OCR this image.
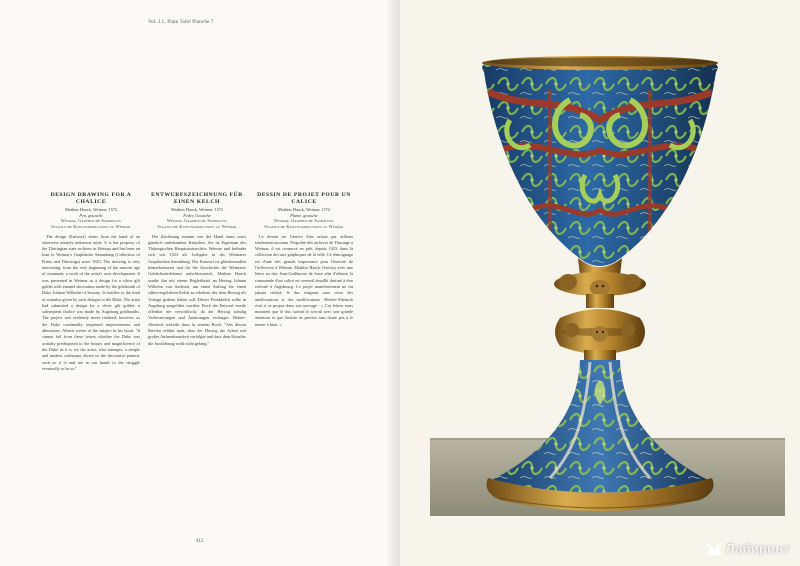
Vol. I.1, Plate Tafel Planche 7
DESIGN DRAWING FOR A CHALICE
Mathias Haack, Weimar, 1572
Pen, gouache
Weimar, Graphische Sammlung
Staatliche Kunstsammlungen zu Weimar

The design (Entwurf) stems from the hand of an otherwise entirely unknown artist. It is the property of the Thuringian state archives in Weimar and has been on loan to Weimar's Graphische Sammlung (Collection of Prints and Drawings) since 1923. The drawing is very interesting, from the very beginning of the nascent age of ornament, a work of the artist's own development. It was presented in Weimar as a design for a silver gilt goblet with enamel decoration made by the goldsmith of Duke Johann Wilhelm of Saxony. It testifies to the kind of stimulus given by such designs to the Duke. The artist had submitted a design for a silver gilt goblet; a subsequent chalice was made by Augsburg goldsmiths. The project was evidently never realized, however, as the Duke continually requested improvements and alterations. Alberti writes of the subject in his book: "It cannot fail from these letters whether the Duke was actually predisposed to the beauty and magnificence of the Duke as it is we the artist, who attempts, a simple and modest craftsman, above us the decorative pattern, such as it is and are in our hands to the struggle eventually to be so."

ENTWURFSZEICHNUNG FÜR EINEN KELCH
Mathias Haack, Weimar, 1572
Feder, Gouache
Weimar, Graphische Sammlung
Staatliche Kunstsammlungen zu Weimar

Die Zeichnung stammt von der Hand eines sonst gänzlich unbekannten Künstlers. Sie ist Eigentum des Thüringischen Hauptstaatsarchivs Weimar und befindet sich seit 1923 als Leihgabe in der Weimarer Graphischen Sammlung. Der Entwurf ist gleichermaßen bemerkenswert und für die Geschichte der Weimarer Goldschmiedekunst aufschlussreich. Mathias Haack sandte ihn mit einem Begleitbrief an Herzog Johann Wilhelm von Sachsen, um einen Auftrag für einen silbervergoldeten Kelch zu erhalten, der dem Herzog als Vorlage gedient haben soll. Dieser Prunkkelch sollte in Augsburg ausgeführt werden. Doch der Entwurf wurde offenbar nie verwirklicht, da der Herzog ständig Verbesserungen und Änderungen verlangte. Hefner-Alteneck schreibt dazu in seinem Buch: "Aus diesen Briefen erfährt man, dass der Herzog die Arbeit mit großer Aufmerksamkeit verfolgte und dass dem Künstler die Ausführung wohl nicht gelang."

DESSIN DE PROJET POUR UN CALICE
Mathias Haack, Weimar, 1572
Plume, gouache
Weimar, Graphische Sammlung
Staatliche Kunstsammlungen zu Weimar

Le dessin est l'œuvre d'un artiste par ailleurs totalement inconnu. Propriété des archives de Thuringe à Weimar, il est conservé en prêt, depuis 1923, dans la collection des arts graphiques de la ville. Ce témoignage est d'une très grande importance pour l'histoire de l'orfèvrerie à Weimar. Mathias Haack l'envoya avec une lettre au duc Jean-Guillaume de Saxe afin d'obtenir la commande d'un calice en vermeil émaillé destiné à être exécuté à Augsbourg. Le projet manifestement ne fut jamais réalisé, le duc exigeant sans cesse des améliorations et des modifications. Hefner-Alteneck écrit à ce propos dans son ouvrage : « Ces lettres nous montrent que le duc suivait le travail avec une grande attention et que l'artiste ne parvint sans doute pas à le mener à bien. »

412	Лабиринт
